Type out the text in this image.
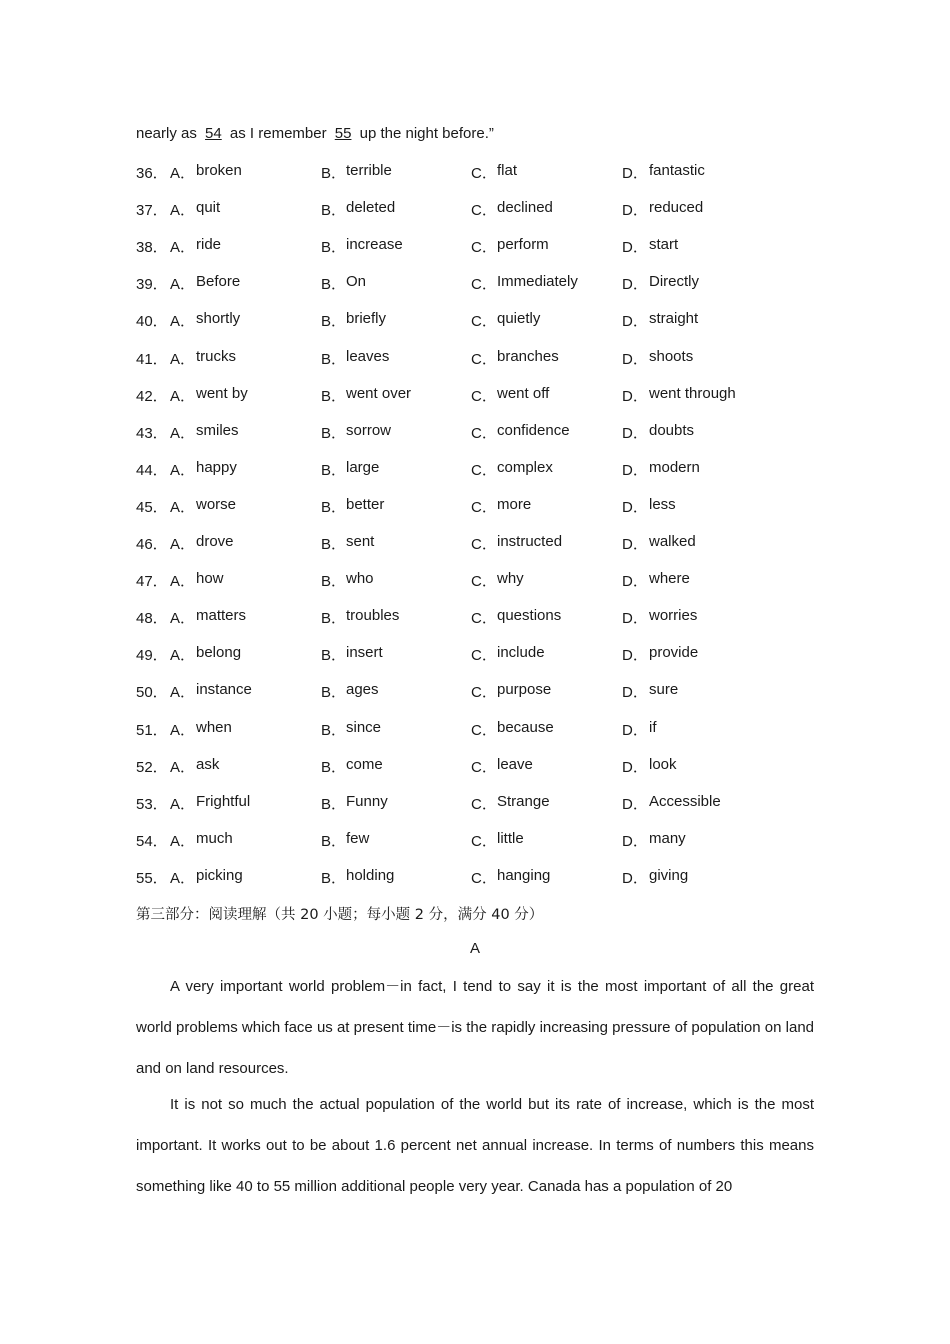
nearly as 54 as I remember 55 up the night before.”
36． A． broken	B． terrible	C． flat	D． fantastic
37． A． quit	B． deleted	C． declined	D． reduced
38． A． ride	B． increase	C． perform	D． start
39． A． Before	B． On	C． Immediately	D． Directly
40． A． shortly	B． briefly	C． quietly	D． straight
41． A． trucks	B． leaves	C． branches	D． shoots
42． A． went by	B． went over	C． went off	D． went through
43． A． smiles	B． sorrow	C． confidence	D． doubts
44． A． happy	B． large	C． complex	D． modern
45． A． worse	B． better	C． more	D． less
46． A． drove	B． sent	C． instructed	D． walked
47． A． how	B． who	C． why	D． where
48． A． matters	B． troubles	C． questions	D． worries
49． A． belong	B． insert	C． include	D． provide
50． A． instance	B． ages	C． purpose	D． sure
51． A． when	B． since	C． because	D． if
52． A． ask	B． come	C． leave	D． look
53． A． Frightful	B． Funny	C． Strange	D． Accessible
54． A． much	B． few	C． little	D． many
55． A． picking	B． holding	C． hanging	D． giving
第三部分：阅读理解（共 20 小题；每小题 2 分，满分 40 分）
A
A very important world problem－in fact, I tend to say it is the most important of all the great world problems which face us at present time－is the rapidly increasing pressure of population on land and on land resources.
It is not so much the actual population of the world but its rate of increase, which is the most important. It works out to be about 1.6 percent net annual increase. In terms of numbers this means something like 40 to 55 million additional people very year. Canada has a population of 20
